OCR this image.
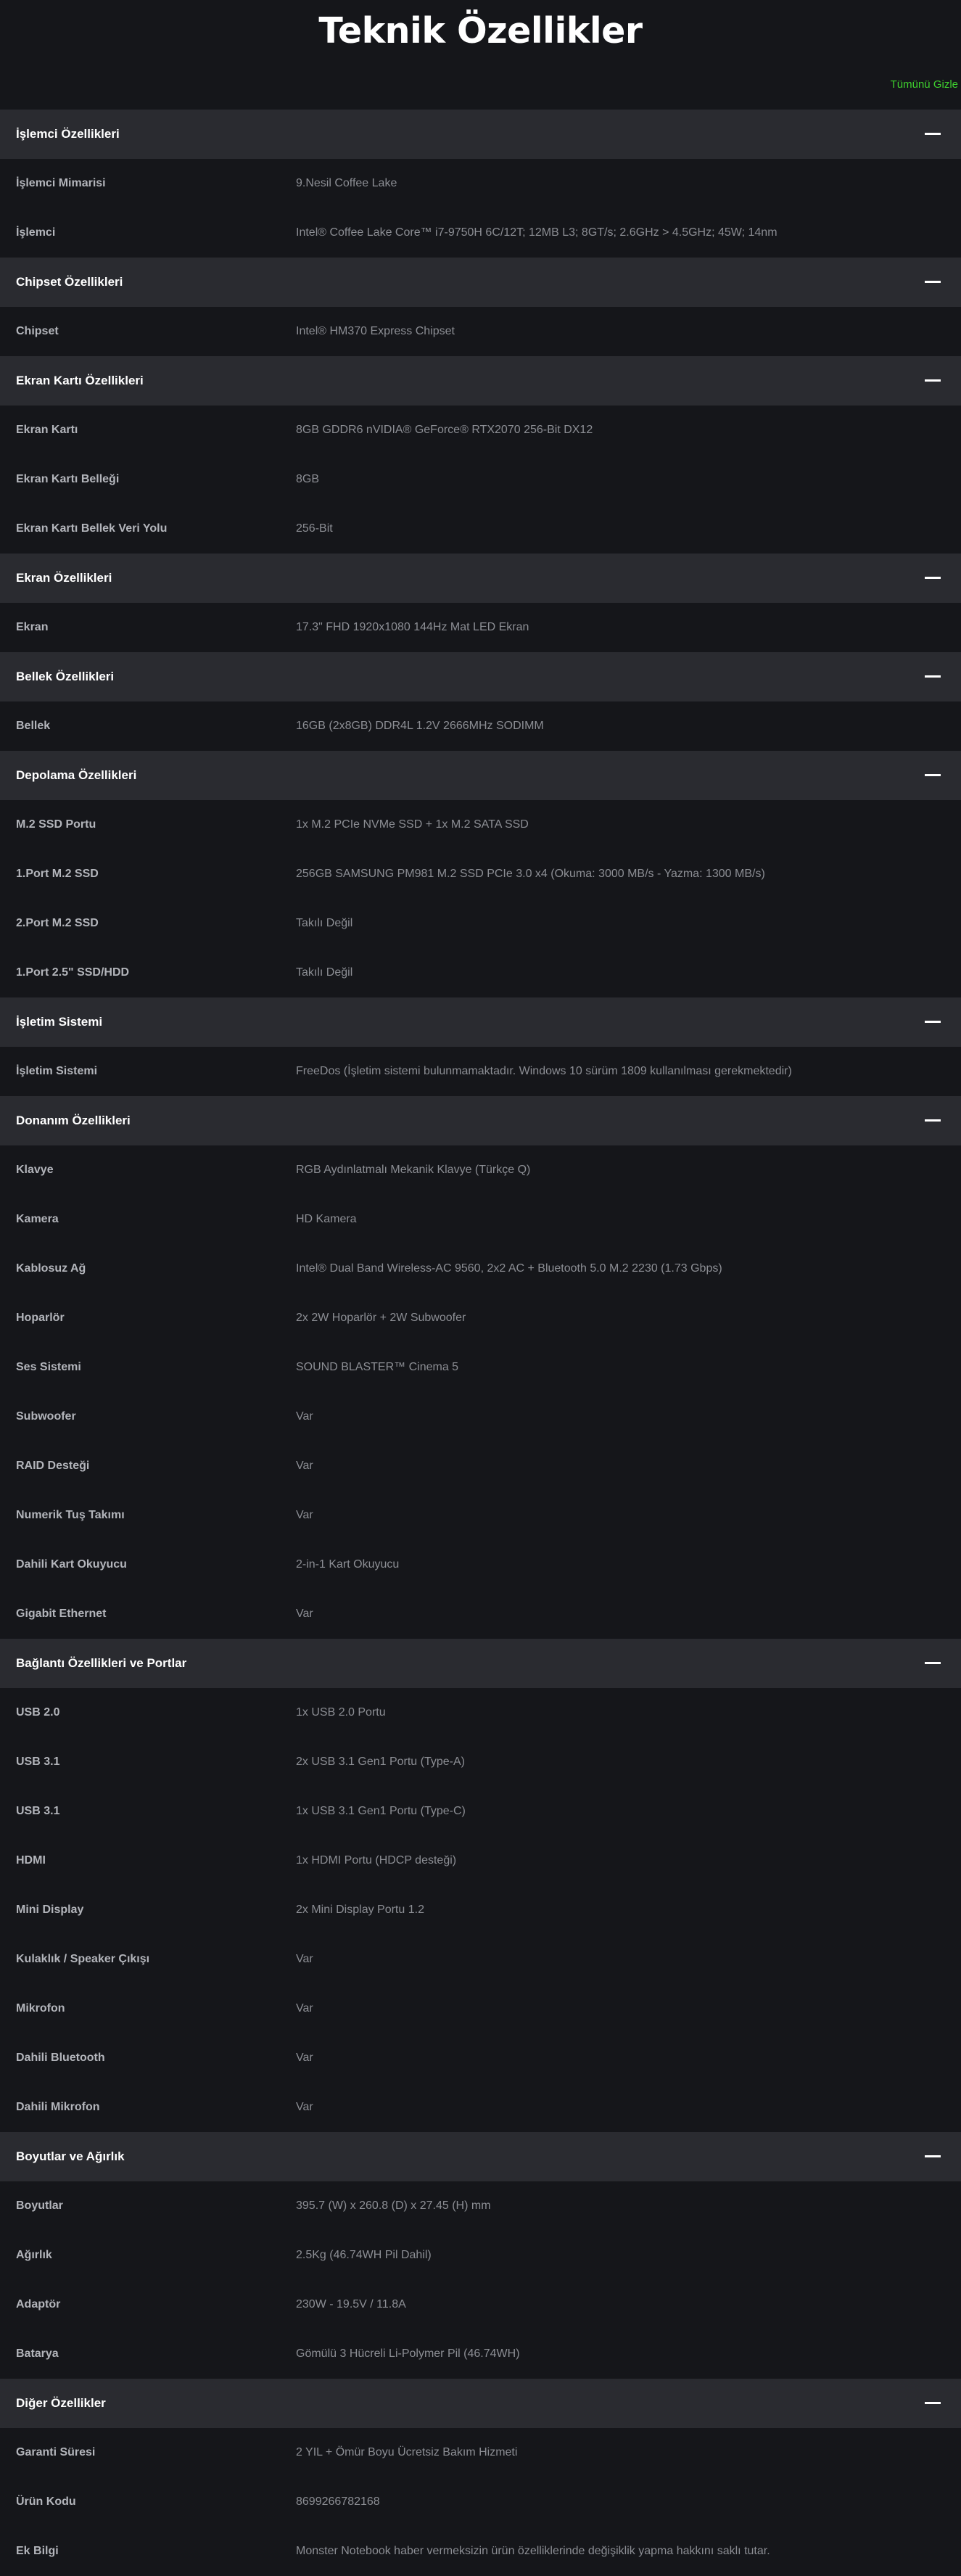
Teknik Özellikler
Tümünü Gizle
İşlemci Özellikleri
İşlemci Mimarisi	9.Nesil Coffee Lake
İşlemci	Intel® Coffee Lake Core™ i7-9750H 6C/12T; 12MB L3; 8GT/s; 2.6GHz > 4.5GHz; 45W; 14nm
Chipset Özellikleri
Chipset	Intel® HM370 Express Chipset
Ekran Kartı Özellikleri
Ekran Kartı	8GB GDDR6 nVIDIA® GeForce® RTX2070 256-Bit DX12
Ekran Kartı Belleği	8GB
Ekran Kartı Bellek Veri Yolu	256-Bit
Ekran Özellikleri
Ekran	17.3" FHD 1920x1080 144Hz Mat LED Ekran
Bellek Özellikleri
Bellek	16GB (2x8GB) DDR4L 1.2V 2666MHz SODIMM
Depolama Özellikleri
M.2 SSD Portu	1x M.2 PCIe NVMe SSD + 1x M.2 SATA SSD
1.Port M.2 SSD	256GB SAMSUNG PM981 M.2 SSD PCIe 3.0 x4 (Okuma: 3000 MB/s - Yazma: 1300 MB/s)
2.Port M.2 SSD	Takılı Değil
1.Port 2.5" SSD/HDD	Takılı Değil
İşletim Sistemi
İşletim Sistemi	FreeDos (İşletim sistemi bulunmamaktadır. Windows 10 sürüm 1809 kullanılması gerekmektedir)
Donanım Özellikleri
Klavye	RGB Aydınlatmalı Mekanik Klavye (Türkçe Q)
Kamera	HD Kamera
Kablosuz Ağ	Intel® Dual Band Wireless-AC 9560, 2x2 AC + Bluetooth 5.0 M.2 2230 (1.73 Gbps)
Hoparlör	2x 2W Hoparlör + 2W Subwoofer
Ses Sistemi	SOUND BLASTER™ Cinema 5
Subwoofer	Var
RAID Desteği	Var
Numerik Tuş Takımı	Var
Dahili Kart Okuyucu	2-in-1 Kart Okuyucu
Gigabit Ethernet	Var
Bağlantı Özellikleri ve Portlar
USB 2.0	1x USB 2.0 Portu
USB 3.1	2x USB 3.1 Gen1 Portu (Type-A)
USB 3.1	1x USB 3.1 Gen1 Portu (Type-C)
HDMI	1x HDMI Portu (HDCP desteği)
Mini Display	2x Mini Display Portu 1.2
Kulaklık / Speaker Çıkışı	Var
Mikrofon	Var
Dahili Bluetooth	Var
Dahili Mikrofon	Var
Boyutlar ve Ağırlık
Boyutlar	395.7 (W) x 260.8 (D) x 27.45 (H) mm
Ağırlık	2.5Kg (46.74WH Pil Dahil)
Adaptör	230W - 19.5V / 11.8A
Batarya	Gömülü 3 Hücreli Li-Polymer Pil (46.74WH)
Diğer Özellikler
Garanti Süresi	2 YIL + Ömür Boyu Ücretsiz Bakım Hizmeti
Ürün Kodu	8699266782168
Ek Bilgi	Monster Notebook haber vermeksizin ürün özelliklerinde değişiklik yapma hakkını saklı tutar.
